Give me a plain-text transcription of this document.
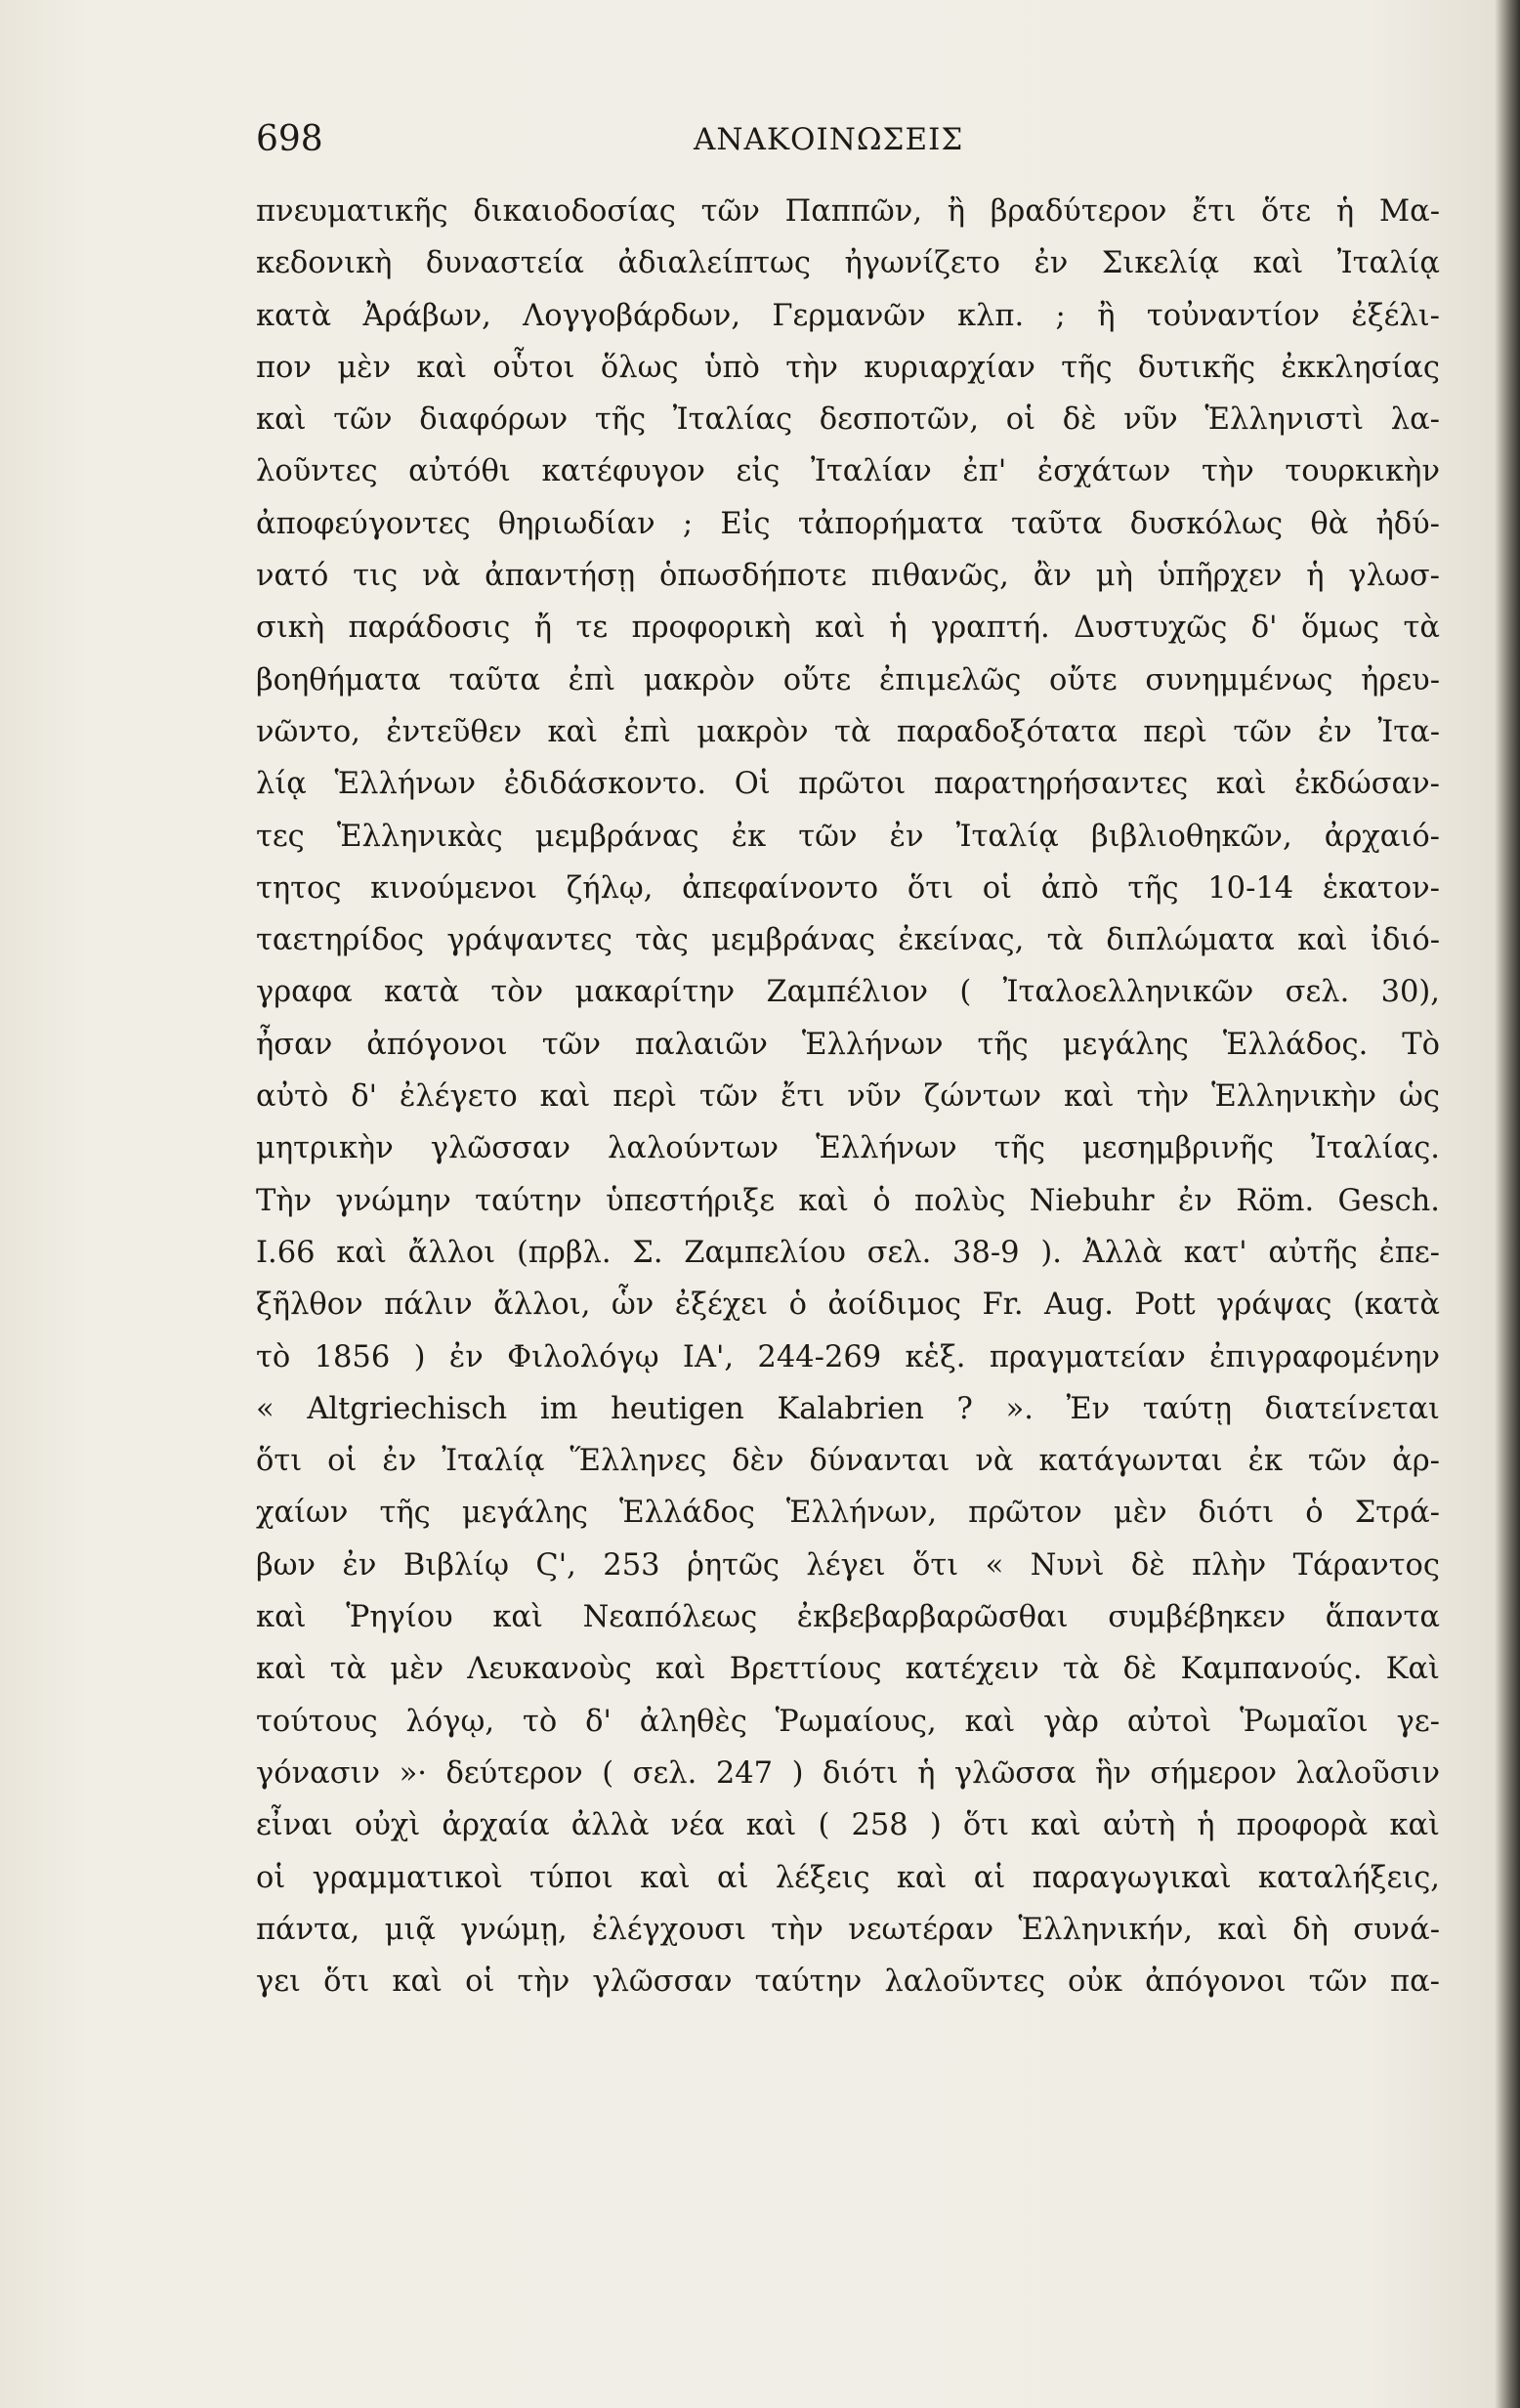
698	ΑΝΑΚΟΙΝΩΣΕΙΣ
πνευματικῆς δικαιοδοσίας τῶν Παππῶν, ἢ βραδύτερον ἔτι ὅτε ἡ Μα-
κεδονικὴ δυναστεία ἀδιαλείπτως ἠγωνίζετο ἐν Σικελίᾳ καὶ Ἰταλίᾳ
κατὰ Ἀράβων, Λογγοβάρδων, Γερμανῶν κλπ. ; ἢ τοὐναντίον ἐξέλι-
πον μὲν καὶ οὗτοι ὅλως ὑπὸ τὴν κυριαρχίαν τῆς δυτικῆς ἐκκλησίας
καὶ τῶν διαφόρων τῆς Ἰταλίας δεσποτῶν, οἱ δὲ νῦν Ἑλληνιστὶ λα-
λοῦντες αὐτόθι κατέφυγον εἰς Ἰταλίαν ἐπ' ἐσχάτων τὴν τουρκικὴν
ἀποφεύγοντες θηριωδίαν ; Εἰς τἀπορήματα ταῦτα δυσκόλως θὰ ἠδύ-
νατό τις νὰ ἀπαντήσῃ ὁπωσδήποτε πιθανῶς, ἂν μὴ ὑπῆρχεν ἡ γλωσ-
σικὴ παράδοσις ἤ τε προφορικὴ καὶ ἡ γραπτή. Δυστυχῶς δ' ὅμως τὰ
βοηθήματα ταῦτα ἐπὶ μακρὸν οὔτε ἐπιμελῶς οὔτε συνημμένως ἠρευ-
νῶντο, ἐντεῦθεν καὶ ἐπὶ μακρὸν τὰ παραδοξότατα περὶ τῶν ἐν Ἰτα-
λίᾳ Ἑλλήνων ἐδιδάσκοντο. Οἱ πρῶτοι παρατηρήσαντες καὶ ἐκδώσαν-
τες Ἑλληνικὰς μεμβράνας ἐκ τῶν ἐν Ἰταλίᾳ βιβλιοθηκῶν, ἀρχαιό-
τητος κινούμενοι ζήλῳ, ἀπεφαίνοντο ὅτι οἱ ἀπὸ τῆς 10-14 ἑκατον-
ταετηρίδος γράψαντες τὰς μεμβράνας ἐκείνας, τὰ διπλώματα καὶ ἰδιό-
γραφα κατὰ τὸν μακαρίτην Ζαμπέλιον ( Ἰταλοελληνικῶν σελ. 30),
ἦσαν ἀπόγονοι τῶν παλαιῶν Ἑλλήνων τῆς μεγάλης Ἑλλάδος. Τὸ
αὐτὸ δ' ἐλέγετο καὶ περὶ τῶν ἔτι νῦν ζώντων καὶ τὴν Ἑλληνικὴν ὡς
μητρικὴν γλῶσσαν λαλούντων Ἑλλήνων τῆς μεσημβρινῆς Ἰταλίας.
Τὴν γνώμην ταύτην ὑπεστήριξε καὶ ὁ πολὺς Niebuhr ἐν Röm. Gesch.
I.66 καὶ ἄλλοι (πρβλ. Σ. Ζαμπελίου σελ. 38-9 ). Ἀλλὰ κατ' αὐτῆς ἐπε-
ξῆλθον πάλιν ἄλλοι, ὧν ἐξέχει ὁ ἀοίδιμος Fr. Aug. Pott γράψας (κατὰ
τὸ 1856 ) ἐν Φιλολόγῳ ΙΑ', 244-269 κἑξ. πραγματείαν ἐπιγραφομένην
« Altgriechisch im heutigen Kalabrien ? ». Ἐν ταύτῃ διατείνεται
ὅτι οἱ ἐν Ἰταλίᾳ Ἕλληνες δὲν δύνανται νὰ κατάγωνται ἐκ τῶν ἀρ-
χαίων τῆς μεγάλης Ἑλλάδος Ἑλλήνων, πρῶτον μὲν διότι ὁ Στρά-
βων ἐν Βιβλίῳ Ϛ', 253 ῥητῶς λέγει ὅτι « Νυνὶ δὲ πλὴν Τάραντος
καὶ Ῥηγίου καὶ Νεαπόλεως ἐκβεβαρβαρῶσθαι συμβέβηκεν ἅπαντα
καὶ τὰ μὲν Λευκανοὺς καὶ Βρεττίους κατέχειν τὰ δὲ Καμπανούς. Καὶ
τούτους λόγῳ, τὸ δ' ἀληθὲς Ῥωμαίους, καὶ γὰρ αὐτοὶ Ῥωμαῖοι γε-
γόνασιν »· δεύτερον ( σελ. 247 ) διότι ἡ γλῶσσα ἣν σήμερον λαλοῦσιν
εἶναι οὐχὶ ἀρχαία ἀλλὰ νέα καὶ ( 258 ) ὅτι καὶ αὐτὴ ἡ προφορὰ καὶ
οἱ γραμματικοὶ τύποι καὶ αἱ λέξεις καὶ αἱ παραγωγικαὶ καταλήξεις,
πάντα, μιᾷ γνώμῃ, ἐλέγχουσι τὴν νεωτέραν Ἑλληνικήν, καὶ δὴ συνά-
γει ὅτι καὶ οἱ τὴν γλῶσσαν ταύτην λαλοῦντες οὐκ ἀπόγονοι τῶν πα-
